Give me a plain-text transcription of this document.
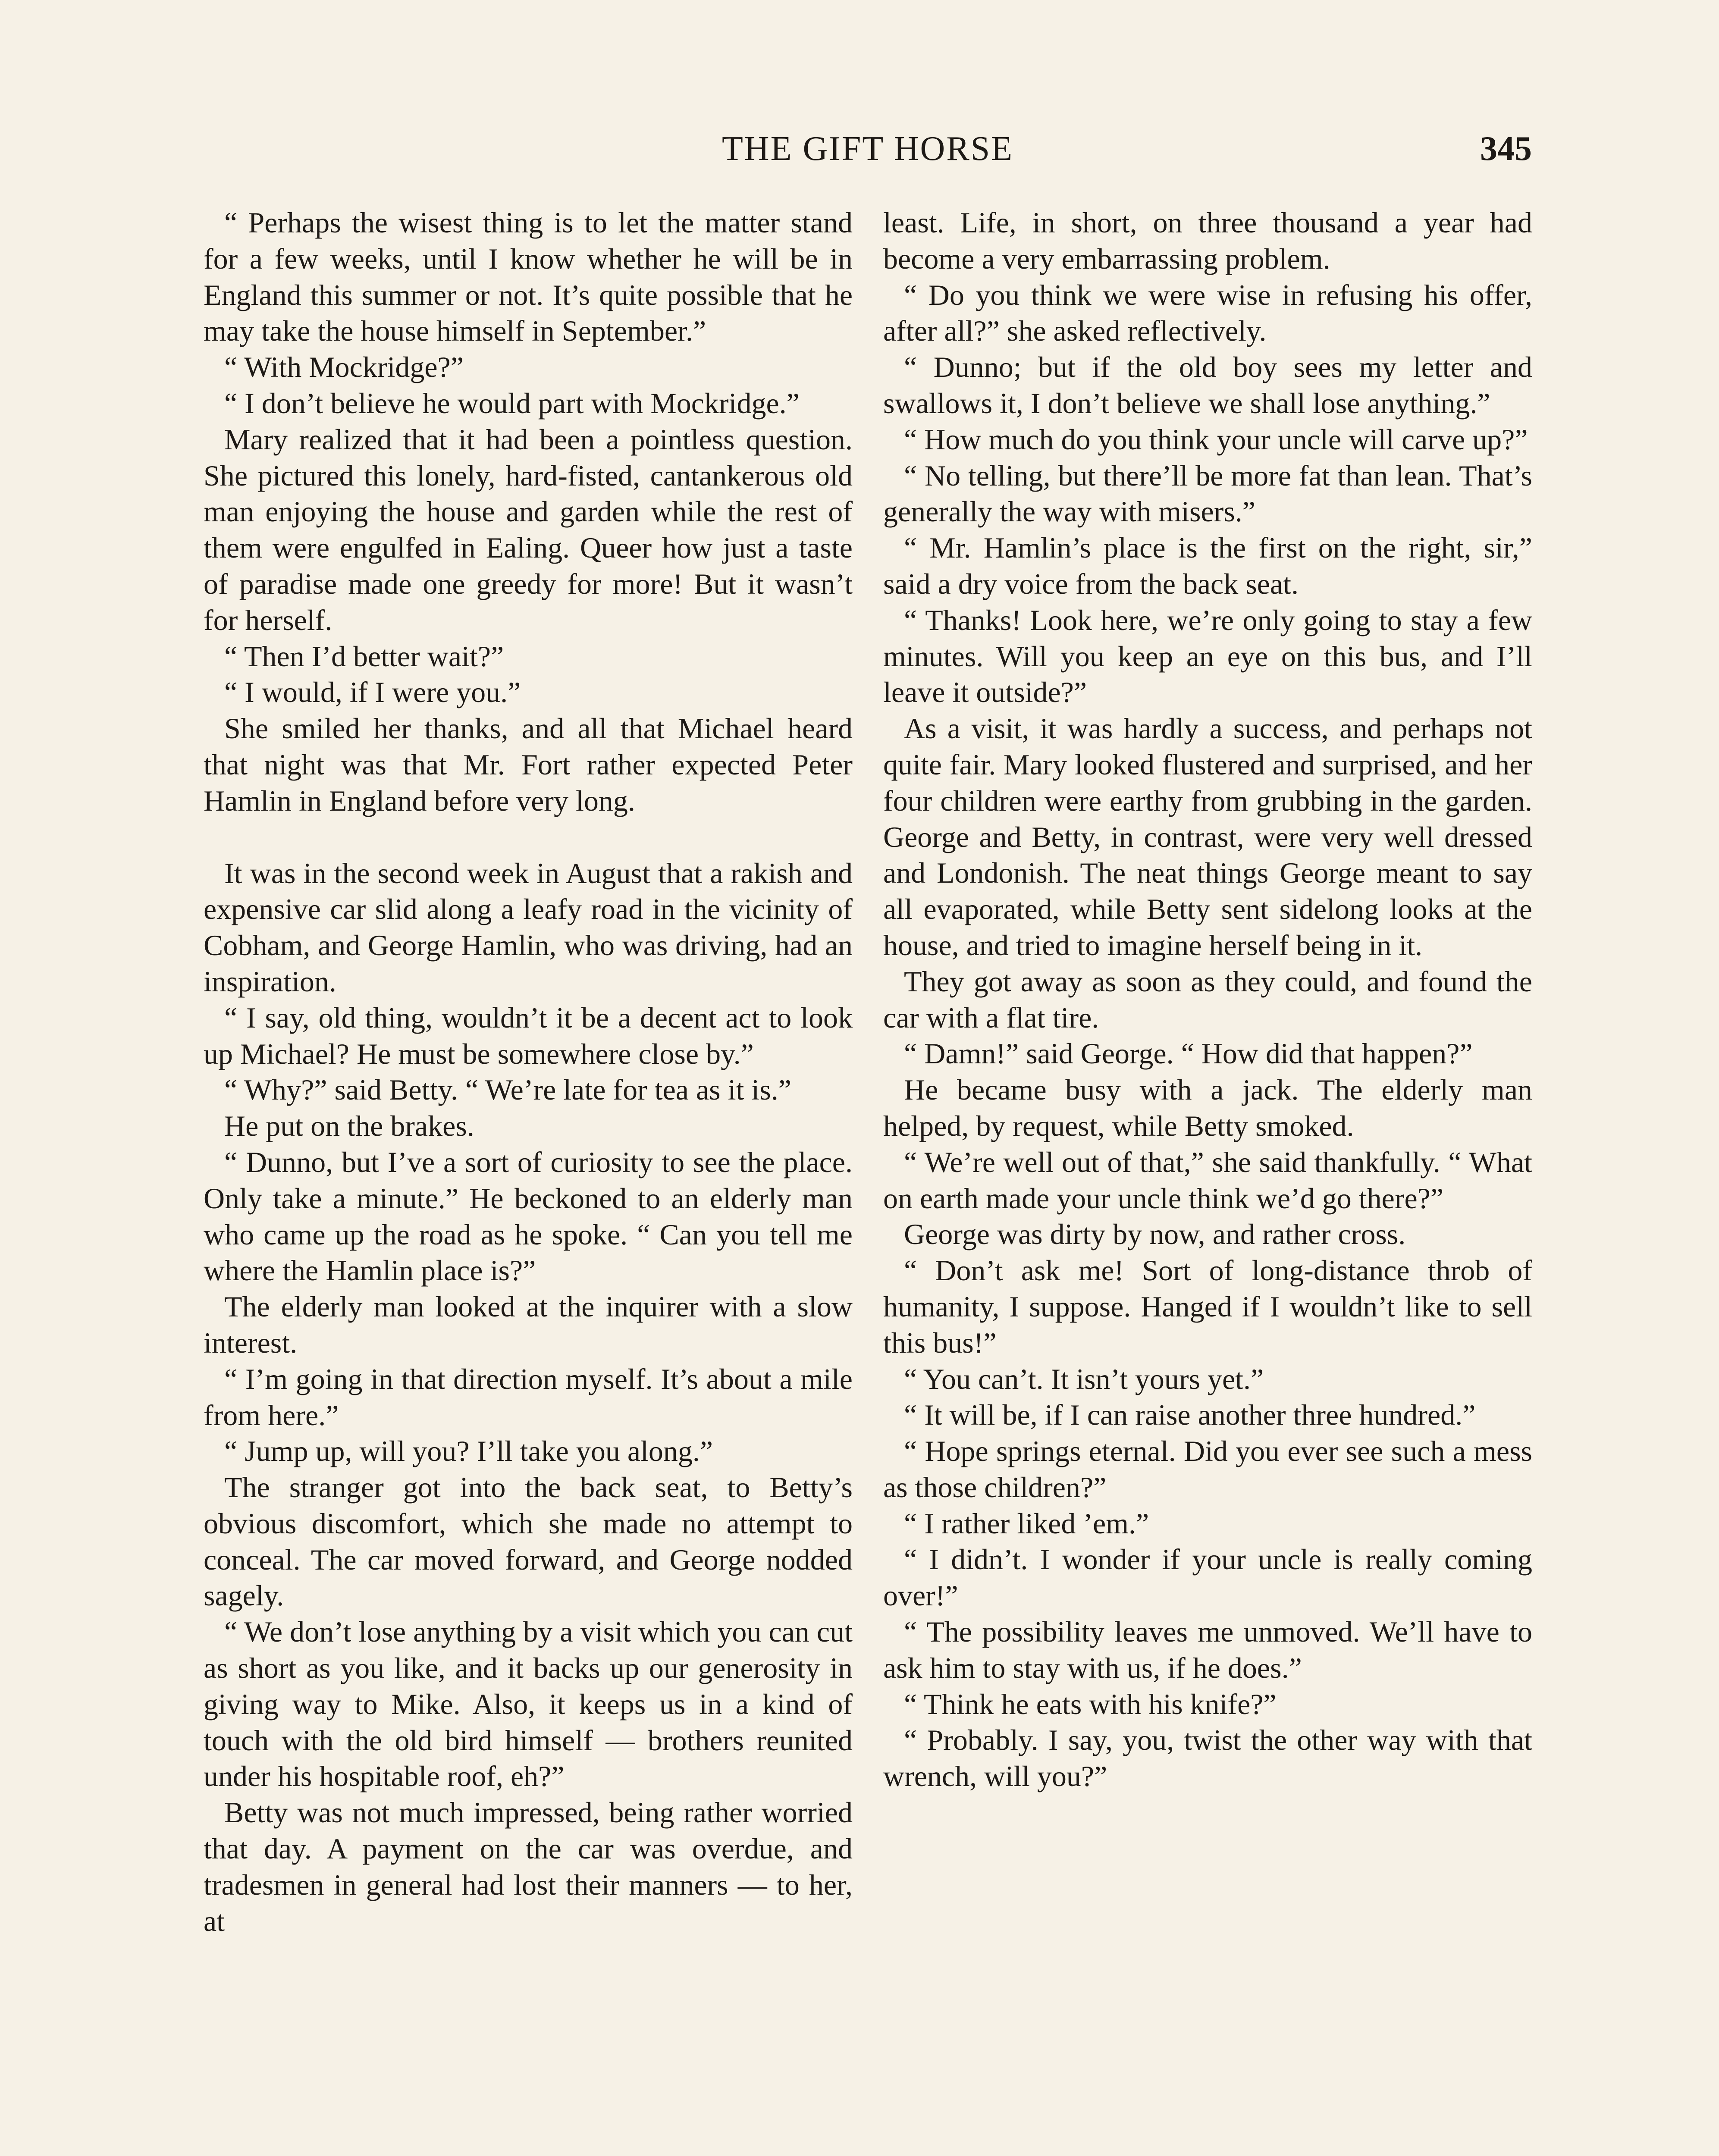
THE GIFT HORSE	345

“ Perhaps the wisest thing is to let the matter stand for a few weeks, until I know whether he will be in England this summer or not. It’s quite possible that he may take the house himself in September.”

“ With Mockridge?”

“ I don’t believe he would part with Mockridge.”

Mary realized that it had been a pointless question. She pictured this lonely, hard-fisted, cantankerous old man enjoying the house and garden while the rest of them were engulfed in Ealing. Queer how just a taste of paradise made one greedy for more! But it wasn’t for herself.

“ Then I’d better wait?”

“ I would, if I were you.”

She smiled her thanks, and all that Michael heard that night was that Mr. Fort rather expected Peter Hamlin in England before very long.

It was in the second week in August that a rakish and expensive car slid along a leafy road in the vicinity of Cobham, and George Hamlin, who was driving, had an inspiration.

“ I say, old thing, wouldn’t it be a decent act to look up Michael? He must be somewhere close by.”

“ Why?” said Betty. “ We’re late for tea as it is.”

He put on the brakes.

“ Dunno, but I’ve a sort of curiosity to see the place. Only take a minute.” He beckoned to an elderly man who came up the road as he spoke. “ Can you tell me where the Hamlin place is?”

The elderly man looked at the inquirer with a slow interest.

“ I’m going in that direction myself. It’s about a mile from here.”

“ Jump up, will you? I’ll take you along.”

The stranger got into the back seat, to Betty’s obvious discomfort, which she made no attempt to conceal. The car moved forward, and George nodded sagely.

“ We don’t lose anything by a visit which you can cut as short as you like, and it backs up our generosity in giving way to Mike. Also, it keeps us in a kind of touch with the old bird himself — brothers reunited under his hospitable roof, eh?”

Betty was not much impressed, being rather worried that day. A payment on the car was overdue, and tradesmen in general had lost their manners — to her, at

least. Life, in short, on three thousand a year had become a very embarrassing problem.

“ Do you think we were wise in refusing his offer, after all?” she asked reflectively.

“ Dunno; but if the old boy sees my letter and swallows it, I don’t believe we shall lose anything.”

“ How much do you think your uncle will carve up?”

“ No telling, but there’ll be more fat than lean. That’s generally the way with misers.”

“ Mr. Hamlin’s place is the first on the right, sir,” said a dry voice from the back seat.

“ Thanks! Look here, we’re only going to stay a few minutes. Will you keep an eye on this bus, and I’ll leave it outside?”

As a visit, it was hardly a success, and perhaps not quite fair. Mary looked flustered and surprised, and her four children were earthy from grubbing in the garden. George and Betty, in contrast, were very well dressed and Londonish. The neat things George meant to say all evaporated, while Betty sent sidelong looks at the house, and tried to imagine herself being in it.

They got away as soon as they could, and found the car with a flat tire.

“ Damn!” said George. “ How did that happen?”

He became busy with a jack. The elderly man helped, by request, while Betty smoked.

“ We’re well out of that,” she said thankfully. “ What on earth made your uncle think we’d go there?”

George was dirty by now, and rather cross.

“ Don’t ask me! Sort of long-distance throb of humanity, I suppose. Hanged if I wouldn’t like to sell this bus!”

“ You can’t. It isn’t yours yet.”

“ It will be, if I can raise another three hundred.”

“ Hope springs eternal. Did you ever see such a mess as those children?”

“ I rather liked ’em.”

“ I didn’t. I wonder if your uncle is really coming over!”

“ The possibility leaves me unmoved. We’ll have to ask him to stay with us, if he does.”

“ Think he eats with his knife?”

“ Probably. I say, you, twist the other way with that wrench, will you?”
